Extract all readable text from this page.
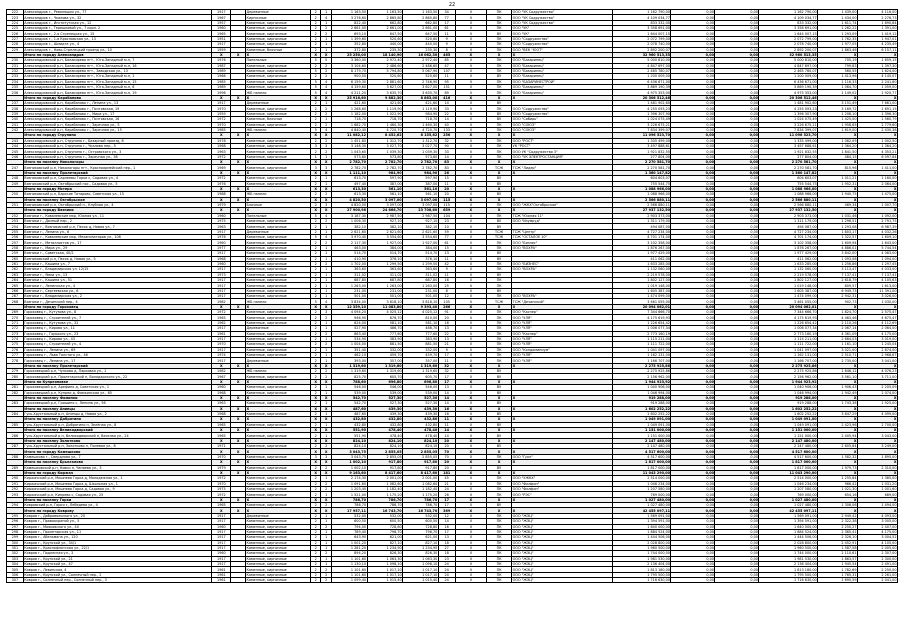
22
222	Александров г., Революции ул., 77	1917		Деревянные	2	1	1 163,50	1 163,50	1 163,50	34	II	ПК	ООО "УК Содружество"	1 162 790,00	0,00	0,00	1 162 790,00	1 439,00	4 116,00
223	Александров г., Чкалова ул., 32	1967		Кирпичные	2	4	3 276,60	2 865,80	2 865,80	77	II	ПК	ООО "УК Содружество"	4 109 034,77	0,00	0,00	4 109 034,77	1 434,00	2 276,73
224	Александров г., Институтская ул., 12	1957		Каменные, кирпичные	2	1	822,40	662,80	662,80	17	II	ПК	ООО "УК Содружество"	833 332,00	0,00	0,00	833 332,00	1 611,74	1 690,84
225	Александров г., Терешковой ул., 7 корп. 2	1960		Каменные, кирпичные	2	2	2 661,00	2 661,00	2 661,00	61	II	ПК	ООО "УК"	3 358 691,00	0,00	0,00	3 358 691,00	1 262,22	1 391,00
226	Александров г., 2-я Стрелецкая ул., 15	1965		Каменные, кирпичные	2	2	693,10	647,50	647,50	11	II	ВУ	ООО "УК"	1 644 007,15	0,00	0,00	1 644 007,15	1 293,09	1 419,12
227	Александров г., 1-я Красновская ул., 13	1951		Каменные, кирпичные	2	1	1 399,60	520,60	520,60	9	II	ПК	ООО "Содружество"	2 072 799,00	0,00	0,00	2 072 799,00	1 762,35	1 947,01
228	Александров г., Шмидта ул., 4	1917		Каменные, кирпичные	2	1	352,80	440,00	440,00	9	II	ПК	ООО "Содружество"	2 078 740,00	0,00	0,00	2 078 740,00	1 977,05	4 235,49
229	Александров г., Ново-Стрелецкий проезд ул., 10	1959		Каменные, блочные	2	1	372,80	235,30	235,30	8	II	ПК	ООО "ВЕК "ЮОТ"	2 892 200,07	0,00	0,00	2 892 200,07	1 863,46	6 157,11
	Итого по городу Александров	X	X	X	X	X	25 250,00	18 140,90	16 062,30	465	X	X	X	32 960 513,35	0,00	0,00	32 960 513,35	X	X
230	Александровский р-н, Балакирево пгт., Юго-Западный м-н, 7	1976		Панельные	5	5	3 360,00	2 972,40	2 972,40	85	II	ПК	ООО "Базаринец"	5 000 810,00	0,00	0,00	5 000 810,00	705,19	1 659,15
231	Александровский р-н, Балакирево пгт., Юго-Западный м-н, 16	1987		Каменные, кирпичные	2	2	3 104,60	2 486,60	2 486,60	47	II	ПК	ООО "Базаринец"	4 847 697,00	0,00	0,00	4 847 697,00	799,83	1 397,30
232	Александровский р-н, Балакирево пгт., Заводская ул., 13	1989		Каменные, кирпичные	5	2	8 179,70	5 794,80	5 067,90	107	II	ПК	ООО "Базаринец"	2 465 780,07	0,00	0,00	2 465 780,07	560,55	1 624,00
233	Александровский р-н, Балакирево пгт., Юго-Западный м-н, 1	1966		Каменные, кирпичные	2	2	900,50	520,60	520,60	11	II	ВУ	ООО "Базаринец"	1 200 009,00	0,00	0,00	1 200 009,00	1 413,96	4 145,07
234	Александровский р-н, Балакирево пгт., Юго-Западный м-н, 15	1985		Каменные, кирпичные	5	4	6 159,30	2 881,60	2 746,90	95	II	ПК	ООО "БАЗАРИНЕСТРОЙ"	6 436 671,00	0,00	0,00	6 436 671,00	1 116,33	2 241,60
235	Александровский р-н, Балакирево пгт., Юго-Западный м-н, 6	1989		Каменные, кирпичные	5	4	4 159,60	3 627,00	3 627,00	151	II	ПК	ООО "Базаринец"	3 869 190,39	0,00	0,00	3 869 190,39	1 064,70	1 059,00
236	Александровский р-н, Балакирево пгт., Юго-Западный м-н, 19	1996		ЖБ панели	5	4	4 211,20	3 635,70	3 635,70	89	II	ПК	ООО "Базаринец"	4 975 353,00	0,00	0,00	4 975 353,00	1 149,02	1 920,77
	Итого по городу Карабаново	X	X	X	X	X	25 916,60	9 882,30	8 863,00	416	X	X	X	20 306 512,46	0,00	0,00	20 306 512,46	X	X
237	Александровский р-н, Карабаново г., Ленина ул., 13	1917		Деревянные	2	1	421,60	421,60	421,60	14	II	ВУ		1 481 902,60	0,00	0,00	1 481 902,60	3 151,49	7 661,00
238	Александровский р-н, Карабаново г., Почтовская, 19	1970		Каменные, кирпичные	2	2	1 268,60	1 119,90	1 119,90	33	II	ПК	ООО "Содружество"	4 255 093,23	0,00	0,00	4 255 093,23	3 169,72	1 691,15
239	Александровский р-н, Карабаново г., Мира ул., 17	1959		Каменные, кирпичные	2	2	1 182,00	1 022,90	984,90	22	II	ВУ	ООО "Содружество"	1 396 307,90	0,00	0,00	1 396 307,90	1 208,10	1 396,30
240	Александровский р-н, Карабаново г., Почтовская, 16	1972		Каменные, блочные	2	1	718,70	718,70	718,70	14	II	ВУ	ООО "Сибирь"	1 024 075,49	0,00	0,00	1 024 075,49	1 425,00	1 560,79
241	Александровский р-н, Карабаново г., Заречная ул., 5	1970		Каменные, кирпичные	2	2	1 682,70	1 460,30	1 460,30	40	II	ПК	ООО "СОЮЗ"	3 226 675,21	0,00	0,00	3 226 675,21	1 958,65	2 779,60
242	Александровский р-н, Карабаново г., Заречная ул., 15	1985		ЖБ панели	5	4	4 840,40	4 720,70	4 720,70	133	II	ПК	ООО "СОЮЗ"	7 834 399,07	0,00	0,00	7 834 399,07	1 619,00	2 430,38
	Итого по городу Струнино	X	X	X	X	X	11 082,12	8 452,62	8 155,62	256	X	X	X	11 096 523,70	0,00	0,00	11 096 523,70	X	X
243	Александровский р-н, Струнино г., Базарный проезд, 8	1978		Каменные, кирпичные	2	2	1 451,80	1 312,70	1 312,70	32	II	ПК	ООО "РОСТ"	1 335 499,00	0,00	0,00	1 335 499,00	1 082,09	1 002,50
244	Александровский р-н, Струнино г., Чкалова пер., 5	1968		Каменные, кирпичные	3	3	3 148,30	3 027,70	3 027,70	90	II	ПК	УК "РОСТ"	3 497 888,61	0,00	0,00	3 497 888,61	1 364,20	1 364,20
245	Александровский р-н, Струнино г., Островского ул., 3	1963		Каменные, кирпичные	2	2	1 043,60	1 039,30	1 039,30	33	II	ПК	ООО УК "Содружество 3"	1 921 832,55	0,00	0,00	1 921 832,55	1 841,50	4 353,21
246	Александровский р-н, Струнино г., Заречная ул., 36	1972		Каменные, кирпичные	1	1	573,80	573,80	573,80	14	II	ПК	ООО "УК ЭЛЕКТРОСТАНЦИЯ"	277 804,00	0,00	0,00	277 804,00	484,15	6 097,84
	Итого по поселку Никологоры	X	X	X	X	X	2 782,70	2 782,70	2 782,70	83	X	X	X	2 270 581,70	0,00	0,00	2 270 581,70	X	X
247	Вязниковский р-н, Никологоры пгт., Красноармейский пер., 1	1969		Каменные, кирпичные	3	3	2 782,70	2 782,70	2 782,70	83	II	ТСЖ	ТСЖ "Лидер"	2 270 581,70	0,00	0,00	2 270 581,70	815,96	1 411,00
	Итого по поселку Пролетарский	X	X	X	X	X	1 111,10	984,90	984,90	26	X	X	X	1 360 147,82	0,00	0,00	1 360 147,82	X	X
248	Вязниковский р-н, Сарлеевы Горки с, Садовая ул., 4	1972		Каменные, кирпичные	2	1	613,70	597,90	597,90	15	II	ВУ		604 603,07	0,00	0,00	604 603,07	1 011,21	1 160,00
249	Вязниковский р-н, Октябрьский пос., Садовая ул., 5	1976		Каменные, кирпичные	2	1	497,40	387,00	387,00	11	II	ВУ		755 544,75	0,00	0,00	755 544,75	1 952,31	2 064,00
	Итого по городу Мстера	X	X	X	X	X	613,30	561,10	561,10	20	X	X	X	1 088 966,00	0,00	0,00	1 088 966,00	X	X
250	Вязниковский р-н, Барские Татарово, Советская ул., 15	1988		ЖБ панели	2	2	613,30	561,10	561,10	20	II	ВУ		1 088 966,00	0,00	0,00	1 088 966,00	1 940,75	1 475,00
	Итого по поселку Октябрьское	X	X	X	X	X	4 820,50	3 097,00	3 097,00	115	X	X	X	2 566 880,11	0,00	0,00	2 566 880,11	X	X
251	Вязниковский р-н, Октябрьский п., Клубная ул., 4	1979		Блочные	2	3	4 820,50	3 097,00	3 097,00	115	II	ПК	ООО "ЖКХ"Октябрьское"	2 566 880,11	0,00	0,00	2 566 880,11	469,34	1 007,70
	Итого по городу Вязники	X	X	X	X	X	27 900,98	24 666,70	23 708,60	659	X	X	X	27 937 132,50	0,00	0,00	27 937 132,50	X	X
252	Вязники г., Ковалевские мкр, Южная ул., 11	1960		Панельные	5	4	3 187,30	2 987,50	2 987,50	104	II	ПК	ТСЖ "Южная 11"	2 903 373,00	0,00	0,00	2 903 373,00	1 031,46	1 092,00
253	Вязники г., Дачный пер., 2	1975		Каменные, кирпичные	2	2	1 006,30	927,10	927,10	23	II	ВУ	ООО "Изумруд"	1 311 179,00	0,00	0,00	1 311 179,00	1 296,51	2 791,75
254	Вязники г., Вязникиский р-н, Песок д, Новая ул., 7	1963		Каменные, кирпичные	2	1	382,10	382,10	382,10	10	II	ВУ		494 087,00	0,00	0,00	494 087,00	1 293,08	6 987,39
255	Вязники г., Ленина ул., 6	1917		Деревянные	2	1	2 621,60	2 621,60	2 621,60	59	II	ТСЖ	ТСЖ "Центр"	4 727 234,00	0,00	0,00	4 727 234,00	1 803,17	4 032,26
256	Вязники г., Ковалевские мкр, Механизаторов ул., 108	1976		Каменные, кирпичные	5	4	3 970,40	3 554,60	3 554,60	77	II	ТСЖ	ТСЖ "ОСТАЛОЕ 10"	4 701 174,00	0,00	0,00	4 701 174,00	1 322,57	1 609,10
257	Вязники г., Металлистов ул., 17	1960		Каменные, кирпичные	2	2	2 117,30	1 927,00	1 927,00	61	II	ПК	ООО "Бизнес"	3 102 358,00	0,00	0,00	3 102 358,00	1 609,94	1 643,00
258	Вязники г., Мира ул., 29	1977		Каменные, кирпичные	2	1	463,00	384,00	384,00	15	II	ПК	ООО "ВОХРА"	1 876 267,00	0,00	0,00	1 876 267,00	4 886,01	5 744,54
259	Вязники г., Советская, 40/2	1917		Каменные, кирпичные	2	1	514,70	514,70	514,70	13	II	ВУ		1 977 429,00	0,00	0,00	1 977 429,00	3 842,00	4 083,00
260	Вязниковский р-н, Песок д, Новая ул., 5	1968		Каменные, кирпичные	2	1	410,90	376,10	376,10	11	II	ВУ		411 062,00	0,00	0,00	411 062,00	1 093,08	1 094,00
261	Вязники г., Кашина ул., 7	1960		Каменные, кирпичные	2	2	1 702,00	1 299,50	1 299,50	42	II	ПК	ООО "БИЗНЕС"	1 633 285,00	0,00	0,00	1 633 285,00	1 256,86	1 297,45
262	Вязники г., Владимирская ул. 12/15	1917		Каменные, кирпичные	2	1	363,60	363,60	363,60	9	II	ПК	ООО "ВОХРА"	1 132 060,00	0,00	0,00	1 132 060,00	3 113,47	4 033,00
263	Вязники г., Ямки ул., 13	1973		Каменные, кирпичные	2	1	311,02	311,02	311,02	11	II	ВУ		2 219 578,00	0,00	0,00	2 219 578,00	7 137,41	7 137,41
264	Вязники г., Кашина ул., 51	1917		Каменные, кирпичные	2	1	687,80	687,80	687,80	16	II	ПК		1 802 127,00	0,00	0,00	1 802 127,00	2 618,79	4 105,63
265	Вязники г., Ленинская ул., 4	1917		Каменные, кирпичные	2	1	1 263,00	1 263,00	1 263,00	25	II	ПК		1 019 148,00	0,00	0,00	1 019 148,00	809,57	1 613,00
266	Вязники г., Сергеевская ул., 6	1917		Каменные, кирпичные	2	1	231,00	231,00	231,00	8	II	ВУ		1 605 387,00	0,00	0,00	1 605 387,00	6 949,73	11 391,00
267	Вязники г., Владимирская ул., 2	1917		Каменные, кирпичные	2	1	501,00	501,00	501,00	12	II	ПК	ООО "ВОХРА"	1 474 099,00	0,00	0,00	1 474 099,00	2 942,31	3 026,00
268	Вязники г., Дечинский пер., 4	1982		ЖБ панели	5	4	3 834,00	3 818,10	3 818,10	105	II	ТСЖ	ТСЖ "Дечинский"	3 461 055,00	0,00	0,00	3 461 055,00	902,73	1 030,00
	Итого по городу Гороховец	X	X	X	X	X	12 359,10	11 083,80	9 393,40	266	X	X	X	20 094 062,01	0,00	0,00	20 094 062,01	X	X
269	Гороховец г., Кутузова ул., 8	1972		Каменные, кирпичные	2	3	4 094,20	4 025,12	4 025,12	91	II	ПК	ООО "Каспер"	7 344 666,70	0,00	0,00	7 344 666,70	1 824,70	2 575,47
270	Гороховец г., Строителей ул., 7	1965		Каменные, кирпичные	2	2	946,90	876,70	810,00	20	II	ПК	ООО "УЛЯ"	4 175 619,93	0,00	0,00	4 175 619,93	4 463,46	4 675,47
271	Гороховец г., Кутузова ул., 32	1962		Каменные, кирпичные	2	1	624,00	581,10	581,10	16	II	ПК	ООО "УЛЯ"	1 226 654,42	0,00	0,00	1 226 654,42	2 110,26	4 112,69
272	Гороховец г., Кирова ул., 11	1917		Деревянные	2	1	527,90	486,70	486,70	13	II	ПК	ООО "УЛЯ"	1 006 077,34	0,00	0,00	1 006 077,34	2 067,14	2 064,00
273	Гороховец г., Горького ул., 23	1961		Каменные, кирпичные	2	2	863,40	777,60	777,60	22	II	ПК	ООО "Каспер"	2 773 160,19	0,00	0,00	2 773 160,19	4 361,09	4 175,00
274	Гороховец г., Кирова ул., 43	1917		Каменные, кирпичные	2	1	534,90	383,90	383,90	13	II	ПК	ООО "УЛЯ"	1 115 211,00	0,00	0,00	1 115 211,00	2 684,03	3 019,00
275	Гороховец г., Строителей ул., 4	1970		Каменные, кирпичные	2	2	1 004,00	881,50	881,50	21	II	ПК	ООО "УЛЯ"	1 111 722,00	0,00	0,00	1 111 722,00	1 161,10	1 245,04
276	Гороховец г., Ленина ул., 69	1917		Каменные, кирпичные	2	1	351,40	332,00	332,00	9	II	ПК	ООО "Кондоминиум"	1 041 097,00	0,00	0,00	1 041 097,00	3 021,00	2 874,00
277	Гороховец г., Льва Толстого ул., 46	1974		Каменные, кирпичные	2	1	462,10	459,70	459,70	17	II	ПК	ООО "УЛЯ"	1 162 131,00	0,00	0,00	1 162 131,00	2 510,71	2 968,67
278	Гороховец г., Ленина ул., 17	1917		Деревянные	2	1	393,00	357,00	357,00	11	II	ПК	ООО "УЛЯ"	1 166 707,00	0,00	0,00	1 166 707,00	2 735,00	3 041,00
	Итого по поселку Пролетарский	X	X	X	X	X	1 319,60	1 319,60	1 319,60	32	X	X	X	2 275 925,86	0,00	0,00	2 275 925,86	X	X
279	Гороховецкий р-н, Чулково д, Парковая ул., 1	1982		ЖБ панели	2	2	1 319,60	1 319,60	1 319,60	32	II	ВУ		2 275 925,86	0,00	0,00	2 275 925,86	1 646,12	4 076,23
280	Гороховецкий р-н, Пролетарский п, Володарского ул., 22	1967		Каменные, кирпичные	2	2	825,70	605,70	605,70	17	II	ВУ		2 156 962,00	0,00	0,00	2 156 962,00	3 561,10	3 711,00
	Итого по Купреяновке	X	X	X	X	X	788,60	696,80	696,80	17	X	X	X	1 944 923,92	0,00	0,00	1 944 923,92	X	X
281	Гороховецкий р-н, Арефино д, Советская ул., 1	1960		Каменные, кирпичные	2	1	546,00	546,00	546,00	13	II	ВУ		1 040 906,00	0,00	0,00	1 040 906,00	1 906,43	2 205,09
282	Гороховецкий р-н, Купреи д, Фомкинская ул., 65	1968		Каменные, кирпичные	2	1	539,00	539,00	539,00	14	II	ВУ		1 046 994,00	0,00	0,00	1 046 994,00	1 942,49	2 074,00
	Итого по поселку Фоминки	X	X	X	X	X	542,70	527,30	527,30	14	X	X	X	919 288,00	0,00	0,00	919 288,00	X	X
283	Гороховецкий р-н, Гришино с, Ленина ул., 56	1963		Каменные, кирпичные	2	1	542,70	527,30	527,30	14	II	ВУ		919 288,00	0,00	0,00	919 288,00	1 743,38	1 925,00
	Итого по поселку Анинцы	X	X	X	X	X	487,60	439,30	439,30	16	X	X	X	1 602 252,22	0,00	0,00	1 602 252,22	X	X
284	Гусь-Хрустальный р-н, Анинцы д, Новая ул., 2	1968		Каменные, кирпичные	2	1	487,60	439,30	439,30	16	II	ВУ		1 602 252,22	0,00	0,00	1 602 252,22	3 647,29	4 099,00
	Итого по поселку Добрятино	X	X	X	X	X	432,80	432,80	432,80	11	X	X	X	1 049 091,00	0,00	0,00	1 049 091,00	X	X
285	Гусь-Хрустальный р-н, Добрятино п, Зелёная ул., 8	1965		Каменные, кирпичные	2	1	432,80	432,80	432,80	11	II	ВУ		1 049 091,00	0,00	0,00	1 049 091,00	2 423,96	2 700,00
	Итого по поселку Великодворский	X	X	X	X	X	551,90	478,40	478,40	14	X	X	X	1 151 000,00	0,00	0,00	1 151 000,00	X	X
286	Гусь-Хрустальный р-н, Великодворский п, Веселая ул., 24	1965		Каменные, кирпичные	2	1	551,90	478,40	478,40	14	II	ВУ		1 151 000,00	0,00	0,00	1 151 000,00	2 405,94	3 043,00
	Итого по поселку Золотково	X	X	X	X	X	824,10	824,10	824,10	20	X	X	X	2 147 480,00	0,00	0,00	2 147 480,00	X	X
287	Гусь-Хрустальный р-н, Золотково п, Полевая ул., 8	1971		Каменные, кирпичные	2	2	824,10	824,10	824,10	20	II	ВУ		2 147 480,00	0,00	0,00	2 147 480,00	2 605,84	3 249,00
	Итого по городу Камешково	X	X	X	X	X	3 043,75	2 855,05	2 855,05	70	X	X	X	4 517 600,00	0,00	0,00	4 517 600,00	X	X
288	Камешково г., Свердлова ул., 7	1970		Каменные, кирпичные	3	3	3 043,75	2 855,05	2 855,05	70	II	ПК	ООО "Григ"	4 517 600,00	0,00	0,00	4 517 600,00	1 582,32	1 895,00
	Итого по поселку Брызгалово	X	X	X	X	X	1 002,10	917,80	917,80	20	X	X	X	1 817 000,00	0,00	0,00	1 817 000,00	X	X
289	Камешковский р-н, Новки п, Чапаева ул., 3	1979		Каменные, кирпичные	2	2	1 002,10	917,80	917,80	20	II	ВУ		1 817 000,00	0,00	0,00	1 817 000,00	1 979,73	2 310,00
	Итого по городу Киржач	X	X	X	X	X	9 163,60	8 417,60	8 417,60	181	X	X	X	11 043 290,00	0,00	0,00	11 043 290,00	X	X
290	Киржачский р-н, Мишнева Горка д, Молодежная ул., 1	1972		Каменные, кирпичные	2	1	2 174,30	2 001,00	2 001,00	45	II	ПК	ООО "УЖКХ"	2 514 000,00	0,00	0,00	2 514 000,00	1 255,84	1 385,00
291	Киржачский р-н, Мишнева Горка д, Школьная ул., 1	1970		Каменные, кирпичные	2	2	1 091,60	1 082,60	1 082,60	21	II	ПК	ООО "Филфон"	1 046 234,00	0,00	0,00	1 046 234,00	966,42	1 031,20
292	Киржачский р-н, Мишнева Горка д, Садовая ул., 9	1975		Каменные, кирпичные	2	2	1 203,40	1 182,40	1 182,40	24	II	ПК	ООО "Филфон"	1 207 580,00	0,00	0,00	1 207 580,00	1 021,30	1 001,60
293	Киржачский р-н, Кипрево с, Садовая ул., 25	1972		Каменные, кирпичные	2	1	1 521,00	1 175,20	1 175,20	26	II	ПК	ООО "РЭС"	769 000,00	0,00	0,00	769 000,00	654,16	689,00
	Итого по поселку Горки	X	X	X	X	X	786,70	786,70	786,70	17	X	X	X	1 027 480,00	0,00	0,00	1 027 480,00	X	X
294	Ковровский р-н, Горки с, Лебедева ул., 4	1965		Каменные, кирпичные	2	2	786,70	786,70	786,70	17	II	ВУ		1 027 480,00	0,00	0,00	1 027 480,00	1 306,06	1 494,00
	Итого по городу Коврову	X	X	X	X	X	17 957,11	16 743,70	16 743,70	369	X	X	X	42 455 097,11	0,00	0,00	42 455 097,11	X	X
295	Ковров г., Добровольского ул., 20	1917		Деревянные	2	1	532,00	532,00	532,00	12	II	ПК	ООО "ЖЭЦ"	1 569 091,00	0,00	0,00	1 569 091,00	2 949,42	4 093,00
296	Ковров г., Правоохраной ул., 5	1917		Каменные, кирпичные	2	1	600,50	600,50	600,50	14	II	ПК	ООО "ЖЭЦ"	1 394 591,00	0,00	0,00	1 394 591,00	2 322,38	3 005,00
297	Ковров г., Маяковского ул., 40	1960		Каменные, кирпичные	2	2	794,00	728,80	728,80	16	II	ПК	ООО "ЖЭЦ"	1 640 000,00	0,00	0,00	1 640 000,00	2 250,27	2 407,00
298	Ковров г., Пролетарская ул., 11	1917		Каменные, кирпичные	2	1	789,40	796,70	796,70	17	II	ПК	ООО "ЖЭЦ"	1 884 524,00	0,00	0,00	1 884 524,00	2 365,41	4 175,00
299	Ковров г., Абельмана ул., 120	1917		Каменные, кирпичные	2	1	643,90	621,00	621,00	13	II	ПК	ООО "ЖЭЦ"	1 444 506,00	0,00	0,00	1 444 506,00	2 326,10	3 004,52
300	Ковров г., Крупской ул., 34/1	1917		Каменные, кирпичные	2	1	1 001,20	827,10	827,10	18	II	ПК	ООО "ЖЭЦ"	2 028 800,00	0,00	0,00	2 028 800,00	2 452,91	4 105,00
301	Ковров г., Краснофлотская ул., 22/1	1917		Каменные, кирпичные	2	1	1 281,20	1 234,90	1 234,90	27	II	ПК	ООО "ЖЭЦ"	1 960 500,00	0,00	0,00	1 960 500,00	1 587,58	2 005,00
302	Ковров г., Подлесная ул., 3	1960		Каменные, кирпичные	2	2	894,20	826,30	826,30	18	II	ПК	ООО "ЖЭЦ"	1 744 000,00	0,00	0,00	1 744 000,00	2 110,61	2 307,00
303	Ковров г., Крупской ул., 21	1917		Каменные, кирпичные	2	1	1 101,60	1 063,30	1 063,30	23	II	ПК	ООО "ЖЭЦ"	1 981 530,00	0,00	0,00	1 981 530,00	1 863,57	2 300,00
304	Ковров г., Крупской ул., 47	1917		Каменные, кирпичные	2	1	1 130,10	1 098,10	1 098,10	24	II	ПК	ООО "ЖЭЦ"	2 136 404,00	0,00	0,00	2 136 404,00	1 945,54	2 491,00
305	Ковров г., Левинская, 4	1961		Каменные, кирпичные	2	2	1 101,60	1 017,10	1 017,10	24	II	ПК	ООО "ЖЭЦ"	1 813 180,00	0,00	0,00	1 813 180,00	1 782,69	2 250,00
306	Ковров г., Крупской ул., Солнечный пер., 2	1961		Каменные, кирпичные	2	2	1 101,60	1 017,10	1 017,10	24	II	ПК	ООО "ЖЭЦ"	1 795 500,00	0,00	0,00	1 795 500,00	1 765,31	2 261,00
307	Ковров г., Солнечный пер., Солнечный пер., 3	1961		Каменные, кирпичные	2	2	1 099,40	1 015,40	1 015,40	24	II	ПК	ООО "ЖЭЦ"	1 716 630,00	0,00	0,00	1 716 630,00	1 690,59	2 041,00
